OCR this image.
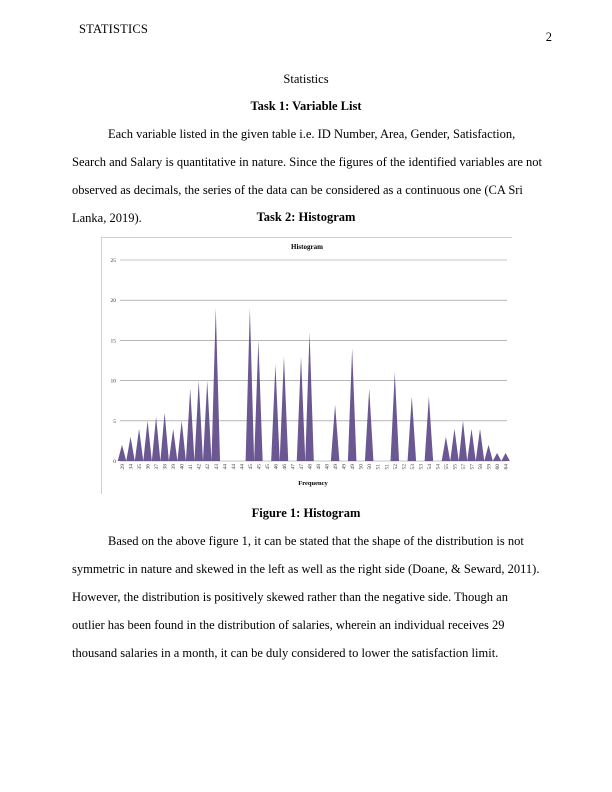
STATISTICS
2
Statistics
Task 1: Variable List
Each variable listed in the given table i.e. ID Number, Area, Gender, Satisfaction, Search and Salary is quantitative in nature. Since the figures of the identified variables are not observed as decimals, the series of the data can be considered as a continuous one (CA Sri Lanka, 2019).	Task 2: Histogram
Histogram
0
5
10
15
20
25
29 34 35 36 37 38 39 40 41 42 42 43 44 44 44 45 45 45 46 46 47 47 48 48 48 49 49 49 50 50 51 51 52 52 53 53 54 54 55 55 57 57 58 59 60 64
Frequency
Figure 1: Histogram
Based on the above figure 1, it can be stated that the shape of the distribution is not symmetric in nature and skewed in the left as well as the right side (Doane, & Seward, 2011). However, the distribution is positively skewed rather than the negative side. Though an outlier has been found in the distribution of salaries, wherein an individual receives 29 thousand salaries in a month, it can be duly considered to lower the satisfaction limit.
